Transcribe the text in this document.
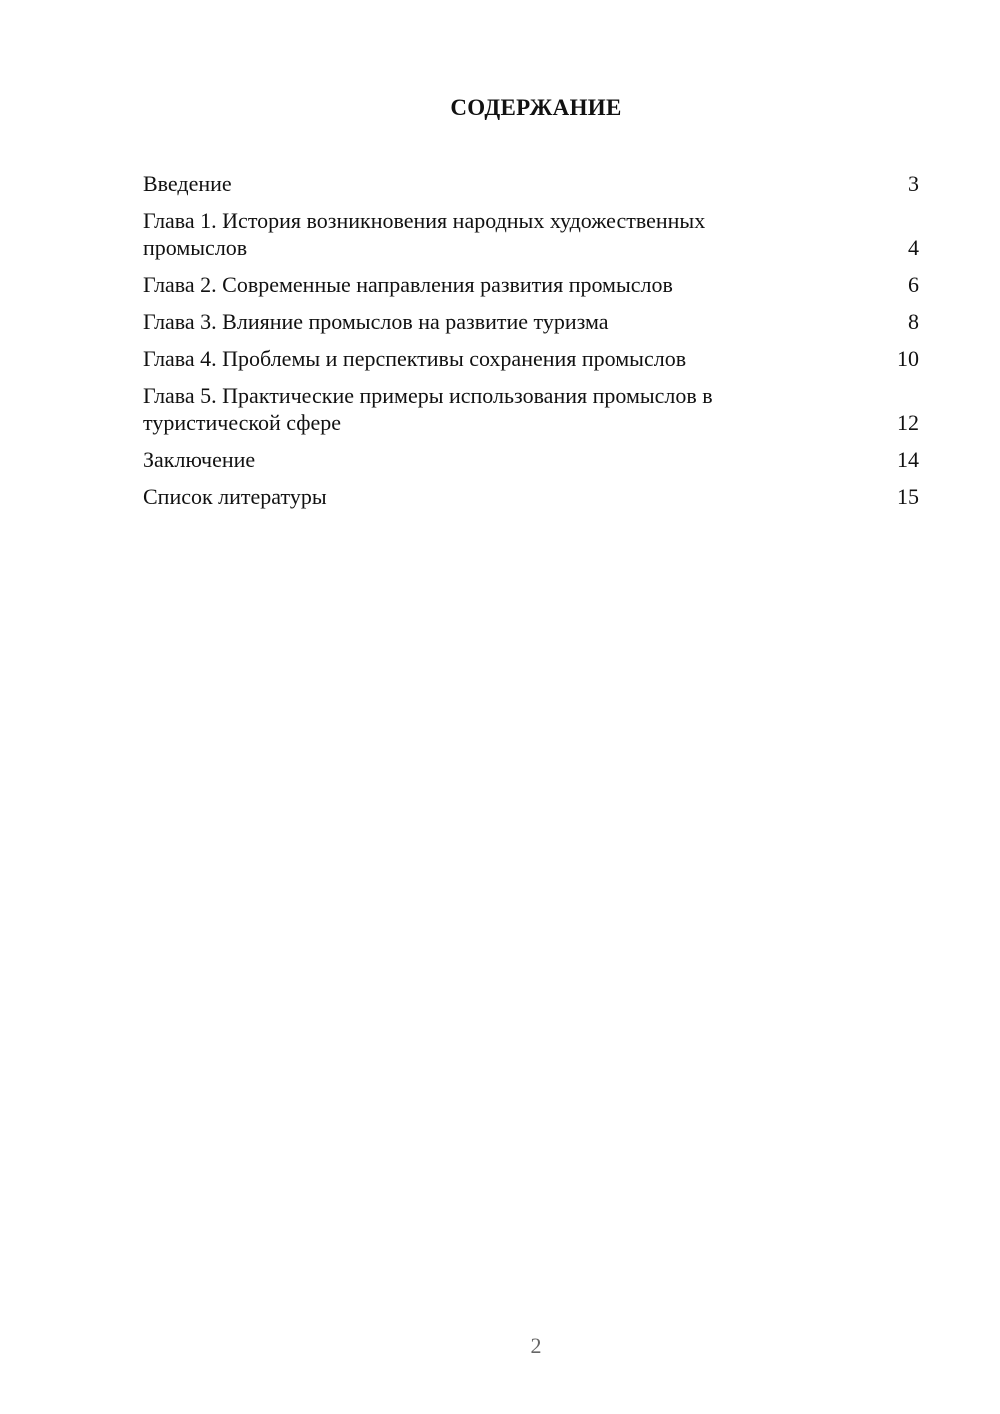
СОДЕРЖАНИЕ
Введение	3
Глава 1. История возникновения народных художественных промыслов	4
Глава 2. Современные направления развития промыслов	6
Глава 3. Влияние промыслов на развитие туризма	8
Глава 4. Проблемы и перспективы сохранения промыслов	10
Глава 5. Практические примеры использования промыслов в туристической сфере	12
Заключение	14
Список литературы	15
2
